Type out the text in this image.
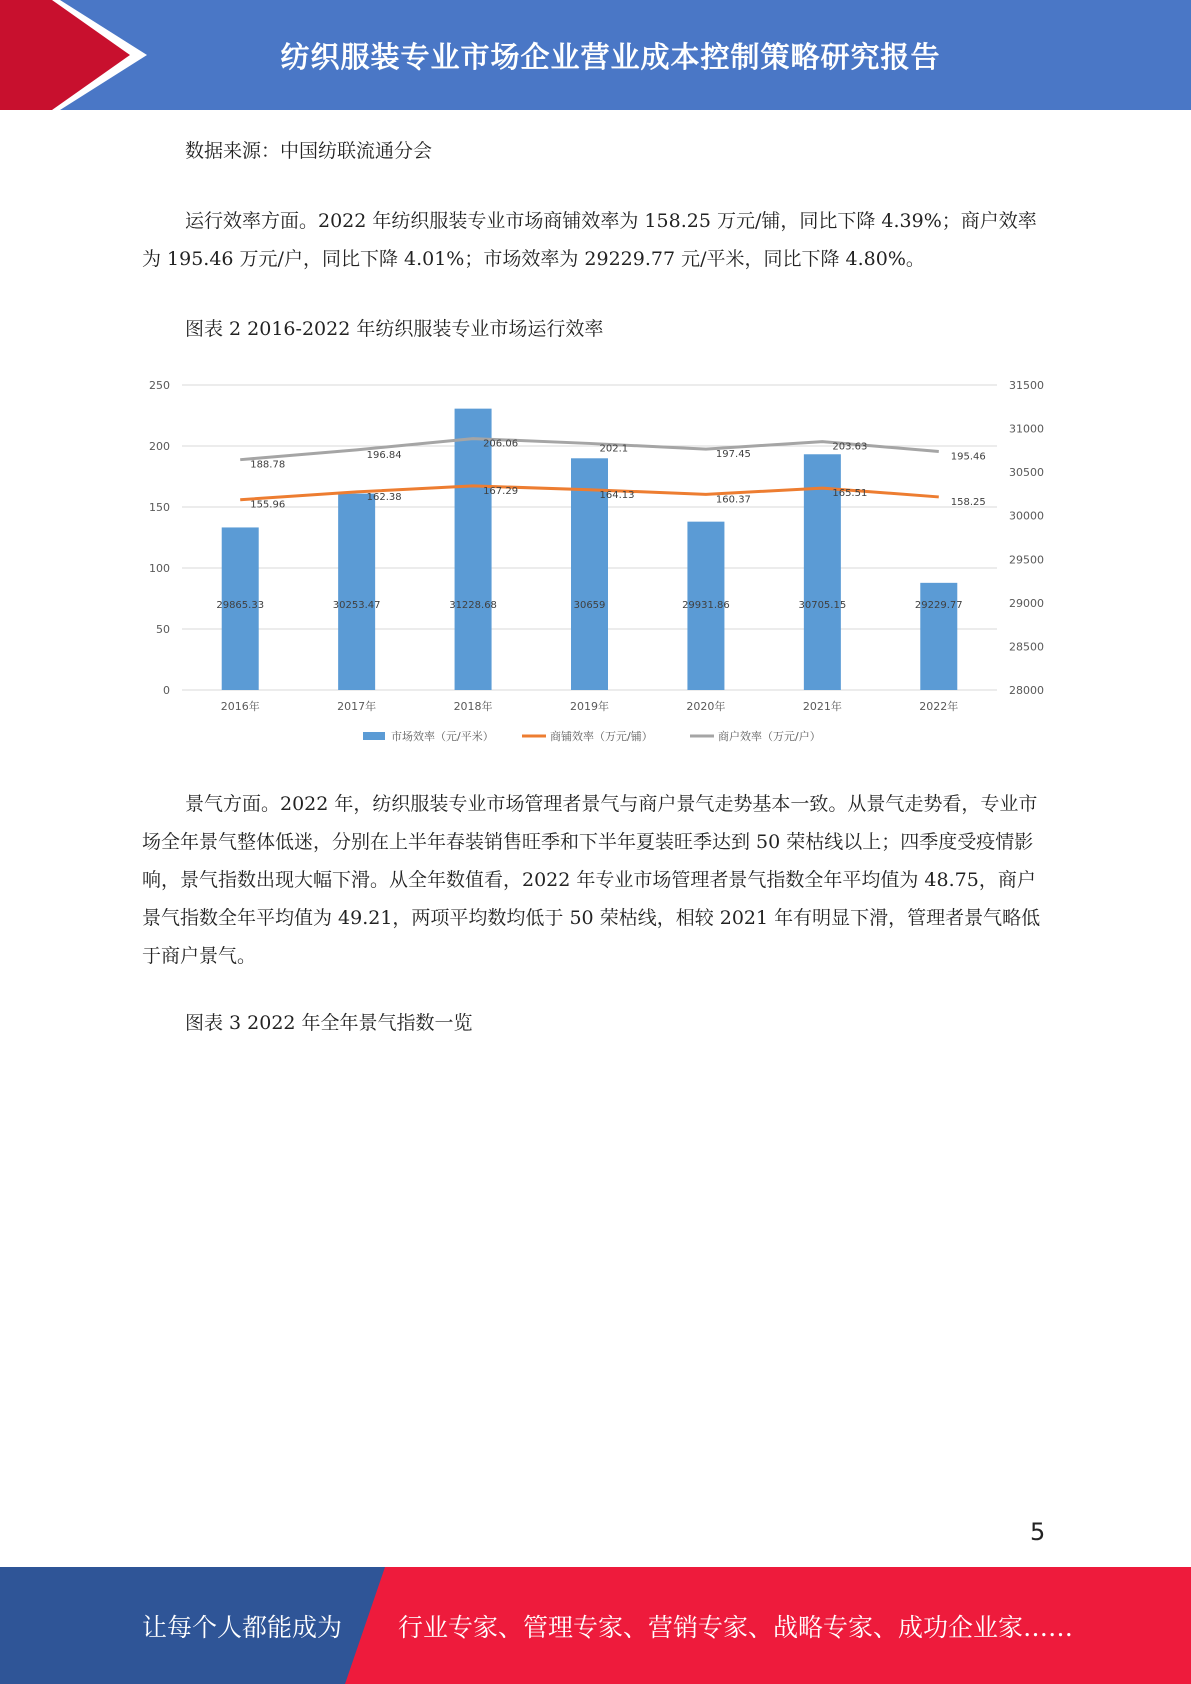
纺织服装专业市场企业营业成本控制策略研究报告

数据来源：中国纺联流通分会

运行效率方面。2022 年纺织服装专业市场商铺效率为 158.25 万元/铺，同比下降 4.39%；商户效率为 195.46 万元/户，同比下降 4.01%；市场效率为 29229.77 元/平米，同比下降 4.80%。

图表 2 2016-2022 年纺织服装专业市场运行效率

0
50
100
150
200
250
28000
28500
29000
29500
30000
30500
31000
31500
29865.33	30253.47	31228.68	30659	29931.86	30705.15	29229.77
155.96
162.38
167.29	164.13	160.37
165.51
158.25
188.78
196.84
206.06	202.1
197.45
203.63
195.46
2016年	2017年	2018年	2019年	2020年	2021年	2022年
市场效率（元/平米）	商铺效率（万元/铺）	商户效率（万元/户）

景气方面。2022 年，纺织服装专业市场管理者景气与商户景气走势基本一致。从景气走势看，专业市场全年景气整体低迷，分别在上半年春装销售旺季和下半年夏装旺季达到 50 荣枯线以上；四季度受疫情影响，景气指数出现大幅下滑。从全年数值看，2022 年专业市场管理者景气指数全年平均值为 48.75，商户景气指数全年平均值为 49.21，两项平均数均低于 50 荣枯线，相较 2021 年有明显下滑，管理者景气略低于商户景气。

图表 3 2022 年全年景气指数一览

5
让每个人都能成为 行业专家、管理专家、营销专家、战略专家、成功企业家……
